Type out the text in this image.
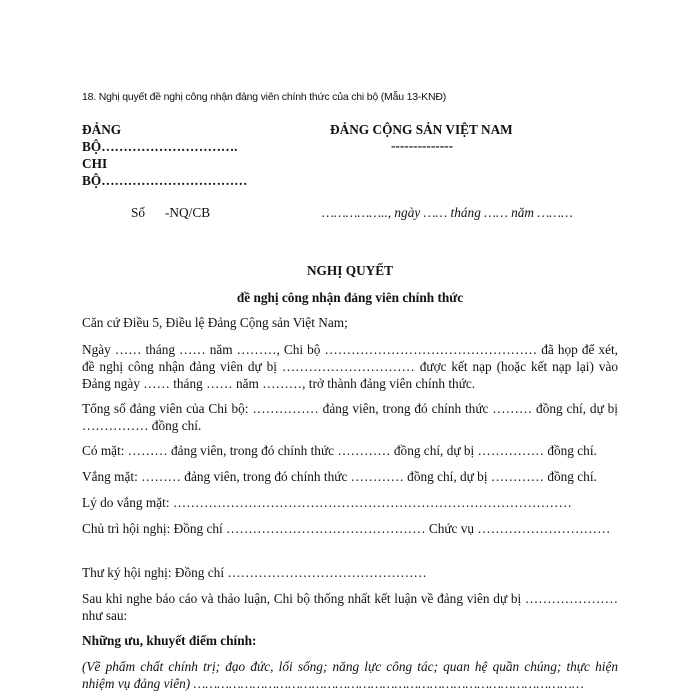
18. Nghị quyết đề nghị công nhận đảng viên chính thức của chi bộ (Mẫu 13-KNĐ)
ĐẢNG
BỘ………………………….
CHI
BỘ……………………………
ĐẢNG CỘNG SẢN VIỆT NAM
--------------
Số -NQ/CB	…………….., ngày …… tháng …… năm ………
NGHỊ QUYẾT
đề nghị công nhận đảng viên chính thức
Căn cứ Điều 5, Điều lệ Đảng Cộng sản Việt Nam;
Ngày …… tháng …… năm ………, Chi bộ ………………………………………… đã họp để xét, đề nghị công nhận đảng viên dự bị ………………………… được kết nạp (hoặc kết nạp lại) vào Đảng ngày …… tháng …… năm ………, trở thành đảng viên chính thức.
Tổng số đảng viên của Chi bộ: …………… đảng viên, trong đó chính thức ……… đồng chí, dự bị …………… đồng chí.
Có mặt: ……… đảng viên, trong đó chính thức ………… đồng chí, dự bị …………… đồng chí.
Vắng mặt: ……… đảng viên, trong đó chính thức ………… đồng chí, dự bị ………… đồng chí.
Lý do vắng mặt: ………………………………………………………………………………
Chủ trì hội nghị: Đồng chí ……………………………………… Chức vụ …………………………
Thư ký hội nghị: Đồng chí ………………………………………
Sau khi nghe báo cáo và thảo luận, Chi bộ thống nhất kết luận về đảng viên dự bị ………………… như sau:
Những ưu, khuyết điểm chính:
(Về phẩm chất chính trị; đạo đức, lối sống; năng lực công tác; quan hệ quần chúng; thực hiện nhiệm vụ đảng viên) ………………………………………………………………………………………
